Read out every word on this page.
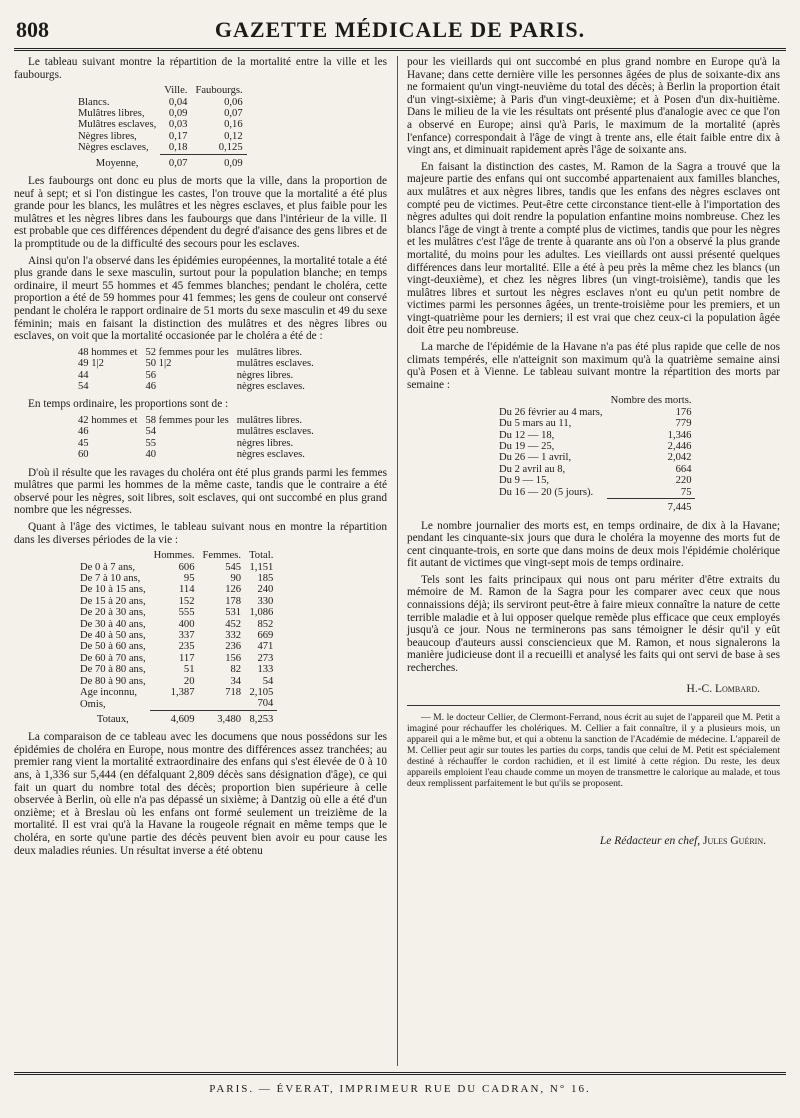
808	GAZETTE MÉDICALE DE PARIS.

Le tableau suivant montre la répartition de la mortalité entre la ville et les faubourgs.

	Ville.	Faubourgs.
Blancs.	0,04	0,06
Mulâtres libres,	0,09	0,07
Mulâtres esclaves,	0,03	0,16
Nègres libres,	0,17	0,12
Nègres esclaves,	0,18	0,125

Moyenne,	0,07	0,09

Les faubourgs ont donc eu plus de morts que la ville, dans la proportion de neuf à sept; et si l'on distingue les castes, l'on trouve que la mortalité a été plus grande pour les blancs, les mulâtres et les nègres esclaves, et plus faible pour les mulâtres et les nègres libres dans les faubourgs que dans l'intérieur de la ville. Il est probable que ces différences dépendent du degré d'aisance des gens libres et de la promptitude ou de la difficulté des secours pour les esclaves.

Ainsi qu'on l'a observé dans les épidémies européennes, la mortalité totale a été plus grande dans le sexe masculin, surtout pour la population blanche; en temps ordinaire, il meurt 55 hommes et 45 femmes blanches; pendant le choléra, cette proportion a été de 59 hommes pour 41 femmes; les gens de couleur ont conservé pendant le choléra le rapport ordinaire de 51 morts du sexe masculin et 49 du sexe féminin; mais en faisant la distinction des mulâtres et des nègres libres ou esclaves, on voit que la mortalité occasionée par le choléra a été de :

48 hommes et	52 femmes pour les	mulâtres libres.
49 1|2	50 1|2	mulâtres esclaves.
44	56	nègres libres.
54	46	nègres esclaves.

En temps ordinaire, les proportions sont de :

42 hommes et	58 femmes pour les	mulâtres libres.
46	54	mulâtres esclaves.
45	55	nègres libres.
60	40	nègres esclaves.

D'où il résulte que les ravages du choléra ont été plus grands parmi les femmes mulâtres que parmi les hommes de la même caste, tandis que le contraire a été observé pour les nègres, soit libres, soit esclaves, qui ont succombé en plus grand nombre que les négresses.

Quant à l'âge des victimes, le tableau suivant nous en montre la répartition dans les diverses périodes de la vie :

	Hommes.	Femmes.	Total.
De 0 à 7 ans,	606	545	1,151
De 7 à 10 ans,	95	90	185
De 10 à 15 ans,	114	126	240
De 15 à 20 ans,	152	178	330
De 20 à 30 ans,	555	531	1,086
De 30 à 40 ans,	400	452	852
De 40 à 50 ans,	337	332	669
De 50 à 60 ans,	235	236	471
De 60 à 70 ans,	117	156	273
De 70 à 80 ans,	51	82	133
De 80 à 90 ans,	20	34	54
Age inconnu,	1,387	718	2,105
Omis,			704

Totaux,	4,609	3,480	8,253

La comparaison de ce tableau avec les documens que nous possédons sur les épidémies de choléra en Europe, nous montre des différences assez tranchées; au premier rang vient la mortalité extraordinaire des enfans qui s'est élevée de 0 à 10 ans, à 1,336 sur 5,444 (en défalquant 2,809 décès sans désignation d'âge), ce qui fait un quart du nombre total des décès; proportion bien supérieure à celle observée à Berlin, où elle n'a pas dépassé un sixième; à Dantzig où elle a été d'un onzième; et à Breslau où les enfans ont formé seulement un treizième de la mortalité. Il est vrai qu'à la Havane la rougeole régnait en même temps que le choléra, en sorte qu'une partie des décès peuvent bien avoir eu pour cause les deux maladies réunies. Un résultat inverse a été obtenu

pour les vieillards qui ont succombé en plus grand nombre en Europe qu'à la Havane; dans cette dernière ville les personnes âgées de plus de soixante-dix ans ne formaient qu'un vingt-neuvième du total des décès; à Berlin la proportion était d'un vingt-sixième; à Paris d'un vingt-deuxième; et à Posen d'un dix-huitième. Dans le milieu de la vie les résultats ont présenté plus d'analogie avec ce que l'on a observé en Europe; ainsi qu'à Paris, le maximum de la mortalité (après l'enfance) correspondait à l'âge de vingt à trente ans, elle était faible entre dix à vingt ans, et diminuait rapidement après l'âge de soixante ans.

En faisant la distinction des castes, M. Ramon de la Sagra a trouvé que la majeure partie des enfans qui ont succombé appartenaient aux familles blanches, aux mulâtres et aux nègres libres, tandis que les enfans des nègres esclaves ont compté peu de victimes. Peut-être cette circonstance tient-elle à l'importation des nègres adultes qui doit rendre la population enfantine moins nombreuse. Chez les blancs l'âge de vingt à trente a compté plus de victimes, tandis que pour les nègres et les mulâtres c'est l'âge de trente à quarante ans où l'on a observé la plus grande mortalité, du moins pour les adultes. Les vieillards ont aussi présenté quelques différences dans leur mortalité. Elle a été à peu près la même chez les blancs (un vingt-deuxième), et chez les nègres libres (un vingt-troisième), tandis que les mulâtres libres et surtout les nègres esclaves n'ont eu qu'un petit nombre de victimes parmi les personnes âgées, un trente-troisième pour les premiers, et un vingt-quatrième pour les derniers; il est vrai que chez ceux-ci la population âgée doit être peu nombreuse.

La marche de l'épidémie de la Havane n'a pas été plus rapide que celle de nos climats tempérés, elle n'atteignit son maximum qu'à la quatrième semaine ainsi qu'à Posen et à Vienne. Le tableau suivant montre la répartition des morts par semaine :

	Nombre des morts.
Du 26 février au 4 mars,	176
Du 5 mars au 11,	779
Du 12 — 18,	1,346
Du 19 — 25,	2,446
Du 26 — 1 avril,	2,042
Du 2 avril au 8,	664
Du 9 — 15,	220
Du 16 — 20 (5 jours).	75

	7,445

Le nombre journalier des morts est, en temps ordinaire, de dix à la Havane; pendant les cinquante-six jours que dura le choléra la moyenne des morts fut de cent cinquante-trois, en sorte que dans moins de deux mois l'épidémie cholérique fit autant de victimes que vingt-sept mois de temps ordinaire.

Tels sont les faits principaux qui nous ont paru mériter d'être extraits du mémoire de M. Ramon de la Sagra pour les comparer avec ceux que nous connaissions déjà; ils serviront peut-être à faire mieux connaître la nature de cette terrible maladie et à lui opposer quelque remède plus efficace que ceux employés jusqu'à ce jour. Nous ne terminerons pas sans témoigner le désir qu'il y eût beaucoup d'auteurs aussi consciencieux que M. Ramon, et nous signalerons la manière judicieuse dont il a recueilli et analysé les faits qui ont servi de base à ses recherches.

H.-C. Lombard.

— M. le docteur Cellier, de Clermont-Ferrand, nous écrit au sujet de l'appareil que M. Petit a imaginé pour réchauffer les cholériques. M. Cellier a fait connaître, il y a plusieurs mois, un appareil qui a le même but, et qui a obtenu la sanction de l'Académie de médecine. L'appareil de M. Cellier peut agir sur toutes les parties du corps, tandis que celui de M. Petit est spécialement destiné à réchauffer le cordon rachidien, et il est limité à cette région. Du reste, les deux appareils emploient l'eau chaude comme un moyen de transmettre le calorique au malade, et tous deux remplissent parfaitement le but qu'ils se proposent.

Le Rédacteur en chef, Jules Guérin.
PARIS. — ÉVERAT, IMPRIMEUR RUE DU CADRAN, N° 16.
